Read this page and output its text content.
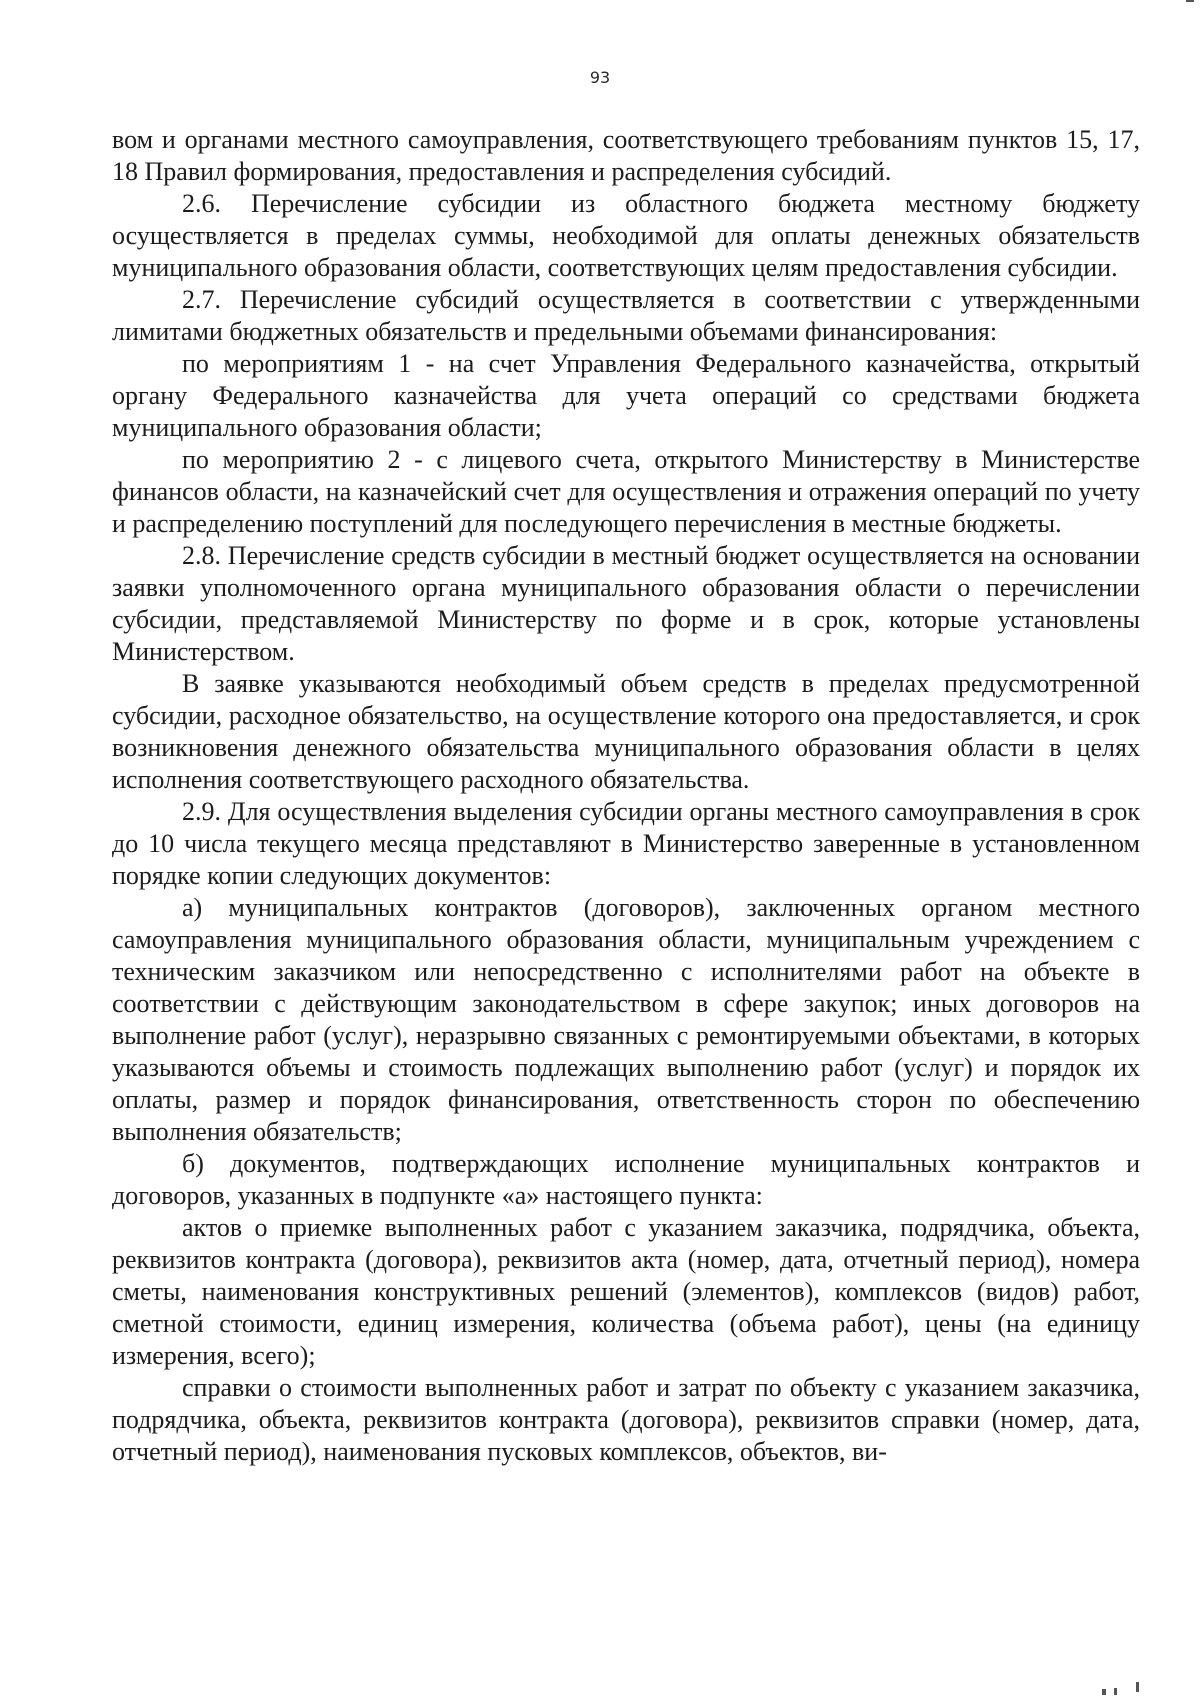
93

вом и органами местного самоуправления, соответствующего требованиям пунктов 15, 17, 18 Правил формирования, предоставления и распределения субсидий.

2.6. Перечисление субсидии из областного бюджета местному бюджету осуществляется в пределах суммы, необходимой для оплаты денежных обязательств муниципального образования области, соответствующих целям предоставления субсидии.

2.7. Перечисление субсидий осуществляется в соответствии с утвержденными лимитами бюджетных обязательств и предельными объемами финансирования:

по мероприятиям 1 - на счет Управления Федерального казначейства, открытый органу Федерального казначейства для учета операций со средствами бюджета муниципального образования области;

по мероприятию 2 - с лицевого счета, открытого Министерству в Министерстве финансов области, на казначейский счет для осуществления и отражения операций по учету и распределению поступлений для последующего перечисления в местные бюджеты.

2.8. Перечисление средств субсидии в местный бюджет осуществляется на основании заявки уполномоченного органа муниципального образования области о перечислении субсидии, представляемой Министерству по форме и в срок, которые установлены Министерством.

В заявке указываются необходимый объем средств в пределах предусмотренной субсидии, расходное обязательство, на осуществление которого она предоставляется, и срок возникновения денежного обязательства муниципального образования области в целях исполнения соответствующего расходного обязательства.

2.9. Для осуществления выделения субсидии органы местного самоуправления в срок до 10 числа текущего месяца представляют в Министерство заверенные в установленном порядке копии следующих документов:

а) муниципальных контрактов (договоров), заключенных органом местного самоуправления муниципального образования области, муниципальным учреждением с техническим заказчиком или непосредственно с исполнителями работ на объекте в соответствии с действующим законодательством в сфере закупок; иных договоров на выполнение работ (услуг), неразрывно связанных с ремонтируемыми объектами, в которых указываются объемы и стоимость подлежащих выполнению работ (услуг) и порядок их оплаты, размер и порядок финансирования, ответственность сторон по обеспечению выполнения обязательств;

б) документов, подтверждающих исполнение муниципальных контрактов и договоров, указанных в подпункте «а» настоящего пункта:

актов о приемке выполненных работ с указанием заказчика, подрядчика, объекта, реквизитов контракта (договора), реквизитов акта (номер, дата, отчетный период), номера сметы, наименования конструктивных решений (элементов), комплексов (видов) работ, сметной стоимости, единиц измерения, количества (объема работ), цены (на единицу измерения, всего);

справки о стоимости выполненных работ и затрат по объекту с указанием заказчика, подрядчика, объекта, реквизитов контракта (договора), реквизитов справки (номер, дата, отчетный период), наименования пусковых комплексов, объектов, ви-
